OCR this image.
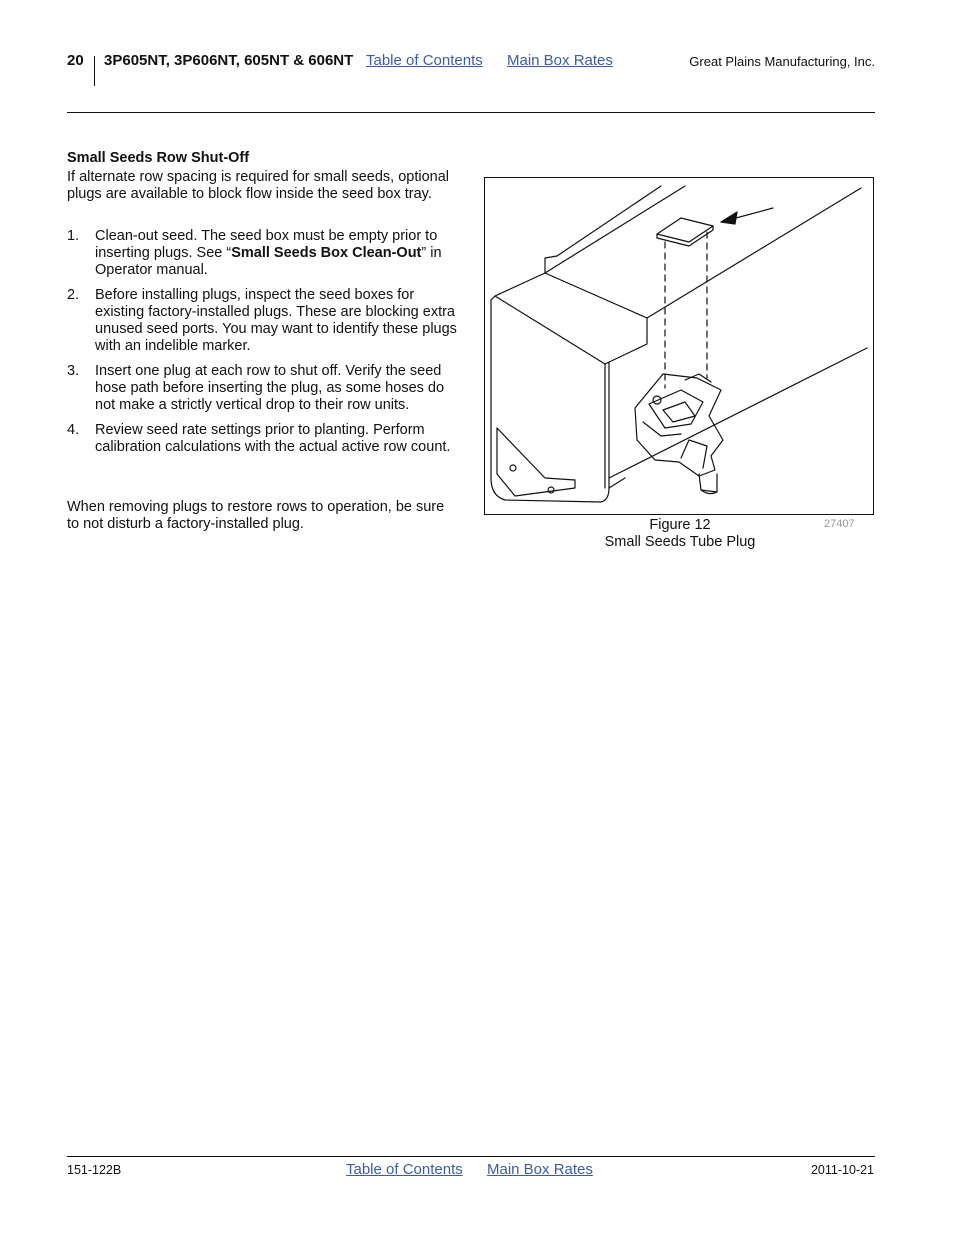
20 3P605NT, 3P606NT, 605NT & 606NT Table of Contents Main Box Rates	Great Plains Manufacturing, Inc.
Small Seeds Row Shut-Off
If alternate row spacing is required for small seeds, optional plugs are available to block flow inside the seed box tray.
1. Clean-out seed. The seed box must be empty prior to inserting plugs. See “Small Seeds Box Clean-Out” in Operator manual.
2. Before installing plugs, inspect the seed boxes for existing factory-installed plugs. These are blocking extra unused seed ports. You may want to identify these plugs with an indelible marker.
3. Insert one plug at each row to shut off. Verify the seed hose path before inserting the plug, as some hoses do not make a strictly vertical drop to their row units.
4. Review seed rate settings prior to planting. Perform calibration calculations with the actual active row count.
When removing plugs to restore rows to operation, be sure to not disturb a factory-installed plug.	Figure 12
Small Seeds Tube Plug
27407
151-122B	Table of Contents Main Box Rates	2011-10-21
